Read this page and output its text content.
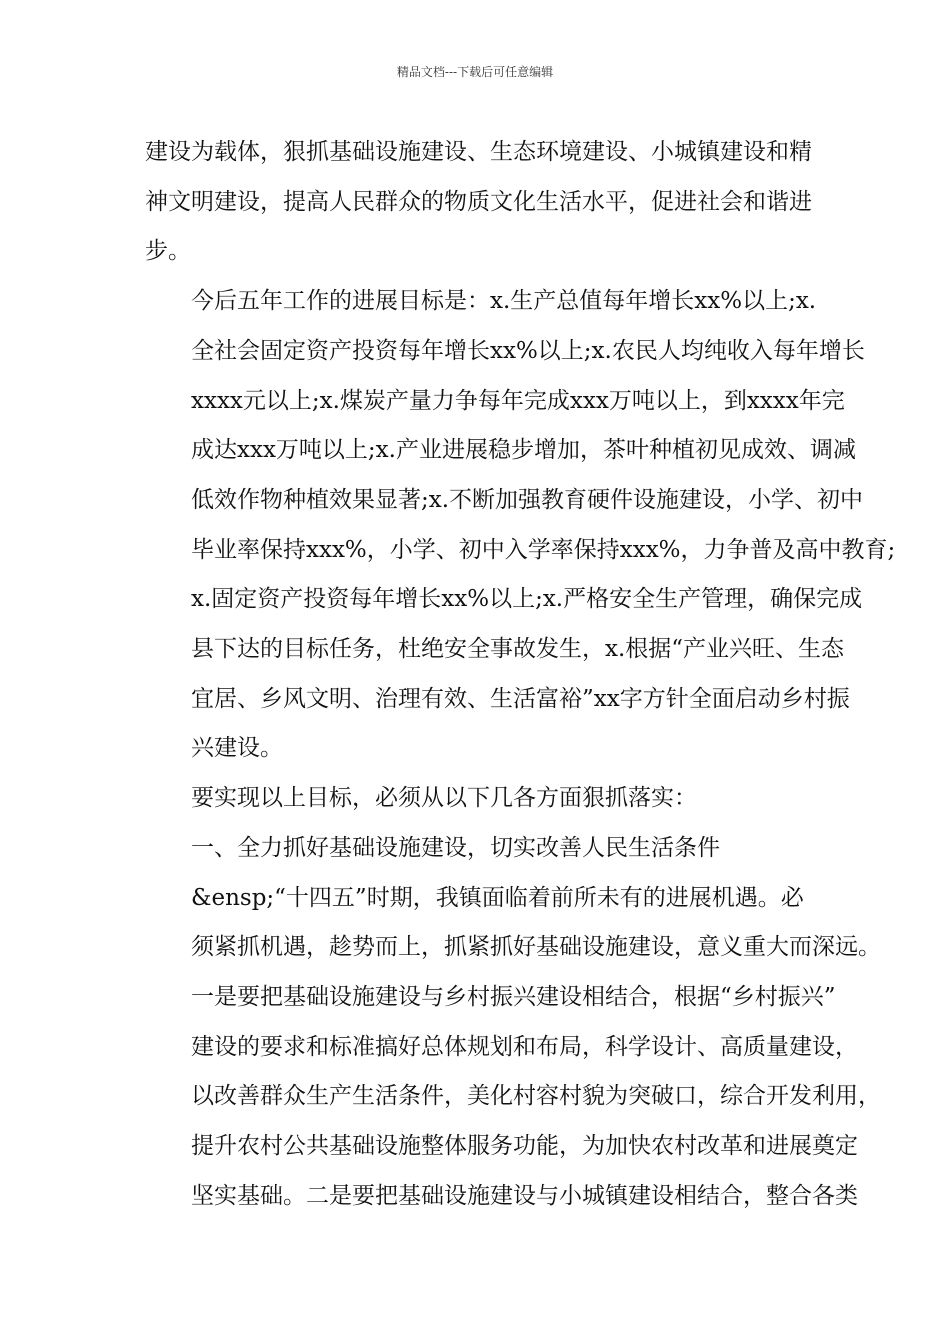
精品文档---下载后可任意编辑
建设为载体，狠抓基础设施建设、生态环境建设、小城镇建设和精
神文明建设，提高人民群众的物质文化生活水平，促进社会和谐进
步。
今后五年工作的进展目标是：x.生产总值每年增长xx%以上;x.
全社会固定资产投资每年增长xx%以上;x.农民人均纯收入每年增长
xxxx元以上;x.煤炭产量力争每年完成xxx万吨以上，到xxxx年完
成达xxx万吨以上;x.产业进展稳步增加，茶叶种植初见成效、调减
低效作物种植效果显著;x.不断加强教育硬件设施建设，小学、初中
毕业率保持xxx%，小学、初中入学率保持xxx%，力争普及高中教育;
x.固定资产投资每年增长xx%以上;x.严格安全生产管理，确保完成
县下达的目标任务，杜绝安全事故发生，x.根据“产业兴旺、生态
宜居、乡风文明、治理有效、生活富裕”xx字方针全面启动乡村振
兴建设。
要实现以上目标，必须从以下几各方面狠抓落实：
一、全力抓好基础设施建设，切实改善人民生活条件
&ensp;“十四五”时期，我镇面临着前所未有的进展机遇。必
须紧抓机遇，趁势而上，抓紧抓好基础设施建设，意义重大而深远。
一是要把基础设施建设与乡村振兴建设相结合，根据“乡村振兴”
建设的要求和标准搞好总体规划和布局，科学设计、高质量建设，
以改善群众生产生活条件，美化村容村貌为突破口，综合开发利用，
提升农村公共基础设施整体服务功能，为加快农村改革和进展奠定
坚实基础。二是要把基础设施建设与小城镇建设相结合，整合各类
